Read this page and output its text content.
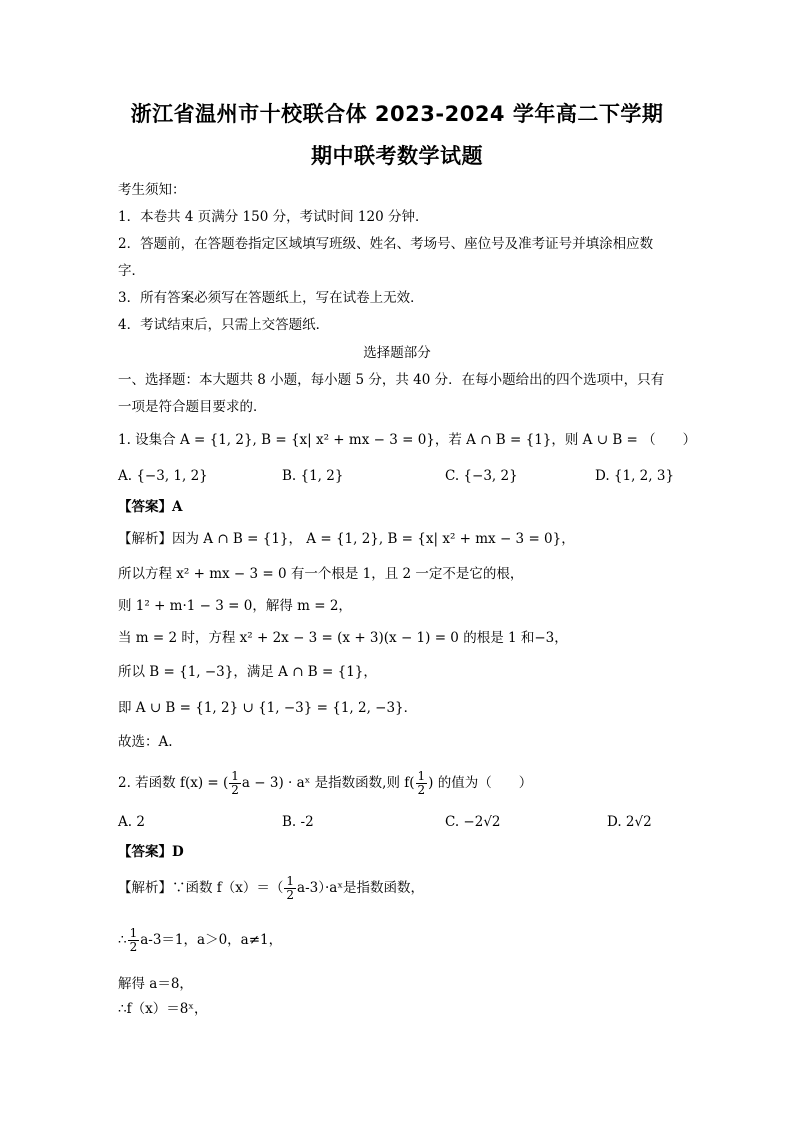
浙江省温州市十校联合体 2023-2024 学年高二下学期
期中联考数学试题
考生须知：
1．本卷共 4 页满分 150 分，考试时间 120 分钟．
2．答题前，在答题卷指定区域填写班级、姓名、考场号、座位号及准考证号并填涂相应数
字．
3．所有答案必须写在答题纸上，写在试卷上无效．
4．考试结束后，只需上交答题纸．
选择题部分
一、选择题：本大题共 8 小题，每小题 5 分，共 40 分．在每小题给出的四个选项中，只有
一项是符合题目要求的．
1. 设集合 A = {1, 2}, B = {x| x² + mx − 3 = 0}，若 A ∩ B = {1}，则 A ∪ B = （　　）
A. {−3, 1, 2}	B. {1, 2}	C. {−3, 2}	D. {1, 2, 3}
【答案】A
【解析】因为 A ∩ B = {1}， A = {1, 2}, B = {x| x² + mx − 3 = 0}，
所以方程 x² + mx − 3 = 0 有一个根是 1，且 2 一定不是它的根，
则 1² + m·1 − 3 = 0，解得 m = 2，
当 m = 2 时，方程 x² + 2x − 3 = (x + 3)(x − 1) = 0 的根是 1 和−3，
所以 B = {1, −3}，满足 A ∩ B = {1}，
即 A ∪ B = {1, 2} ∪ {1, −3} = {1, 2, −3}．
故选：A.
2. 若函数 f(x) = ( $\frac{1}{2}$ a − 3) · aˣ 是指数函数,则 $f( \frac{1}{2}$ ) 的值为（　　）
A. 2	B. -2	C. −2√2	D. 2√2
【答案】D
【解析】∵函数 $f(x)=( \frac{1}{2}$ a-3）·aˣ是指数函数，
∴ $\frac{1}{2} a-3=1$，a＞0，a≠1，
解得 a＝8，
∴f（x）＝8ˣ，
